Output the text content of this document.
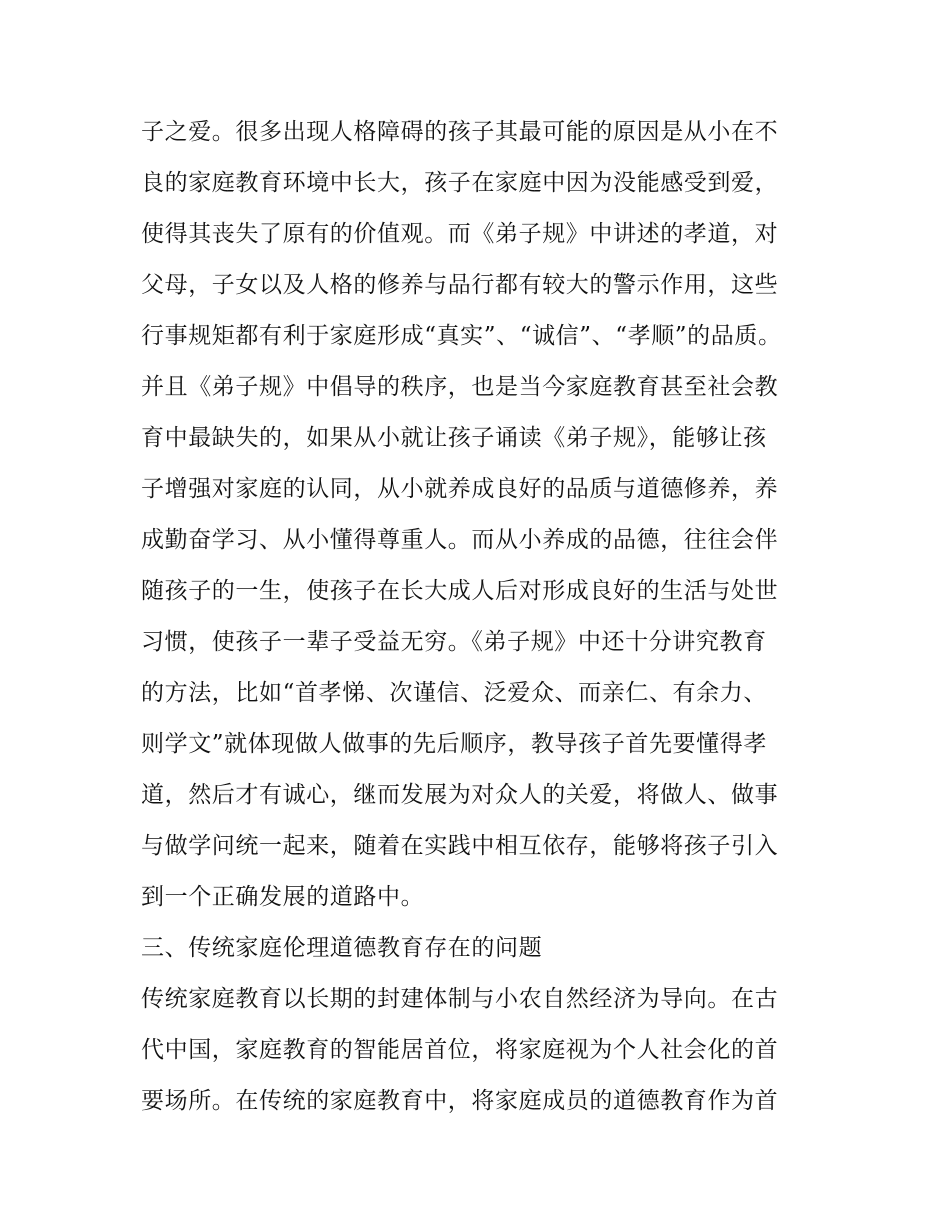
子之爱。很多出现人格障碍的孩子其最可能的原因是从小在不
良的家庭教育环境中长大，孩子在家庭中因为没能感受到爱，
使得其丧失了原有的价值观。而《弟子规》中讲述的孝道，对
父母，子女以及人格的修养与品行都有较大的警示作用，这些
行事规矩都有利于家庭形成“真实”、“诚信”、“孝顺”的品质。
并且《弟子规》中倡导的秩序，也是当今家庭教育甚至社会教
育中最缺失的，如果从小就让孩子诵读《弟子规》，能够让孩
子增强对家庭的认同，从小就养成良好的品质与道德修养，养
成勤奋学习、从小懂得尊重人。而从小养成的品德，往往会伴
随孩子的一生，使孩子在长大成人后对形成良好的生活与处世
习惯，使孩子一辈子受益无穷。《弟子规》中还十分讲究教育
的方法，比如“首孝悌、次谨信、泛爱众、而亲仁、有余力、
则学文”就体现做人做事的先后顺序，教导孩子首先要懂得孝
道，然后才有诚心，继而发展为对众人的关爱，将做人、做事
与做学问统一起来，随着在实践中相互依存，能够将孩子引入
到一个正确发展的道路中。
三、传统家庭伦理道德教育存在的问题
传统家庭教育以长期的封建体制与小农自然经济为导向。在古
代中国，家庭教育的智能居首位，将家庭视为个人社会化的首
要场所。在传统的家庭教育中，将家庭成员的道德教育作为首
